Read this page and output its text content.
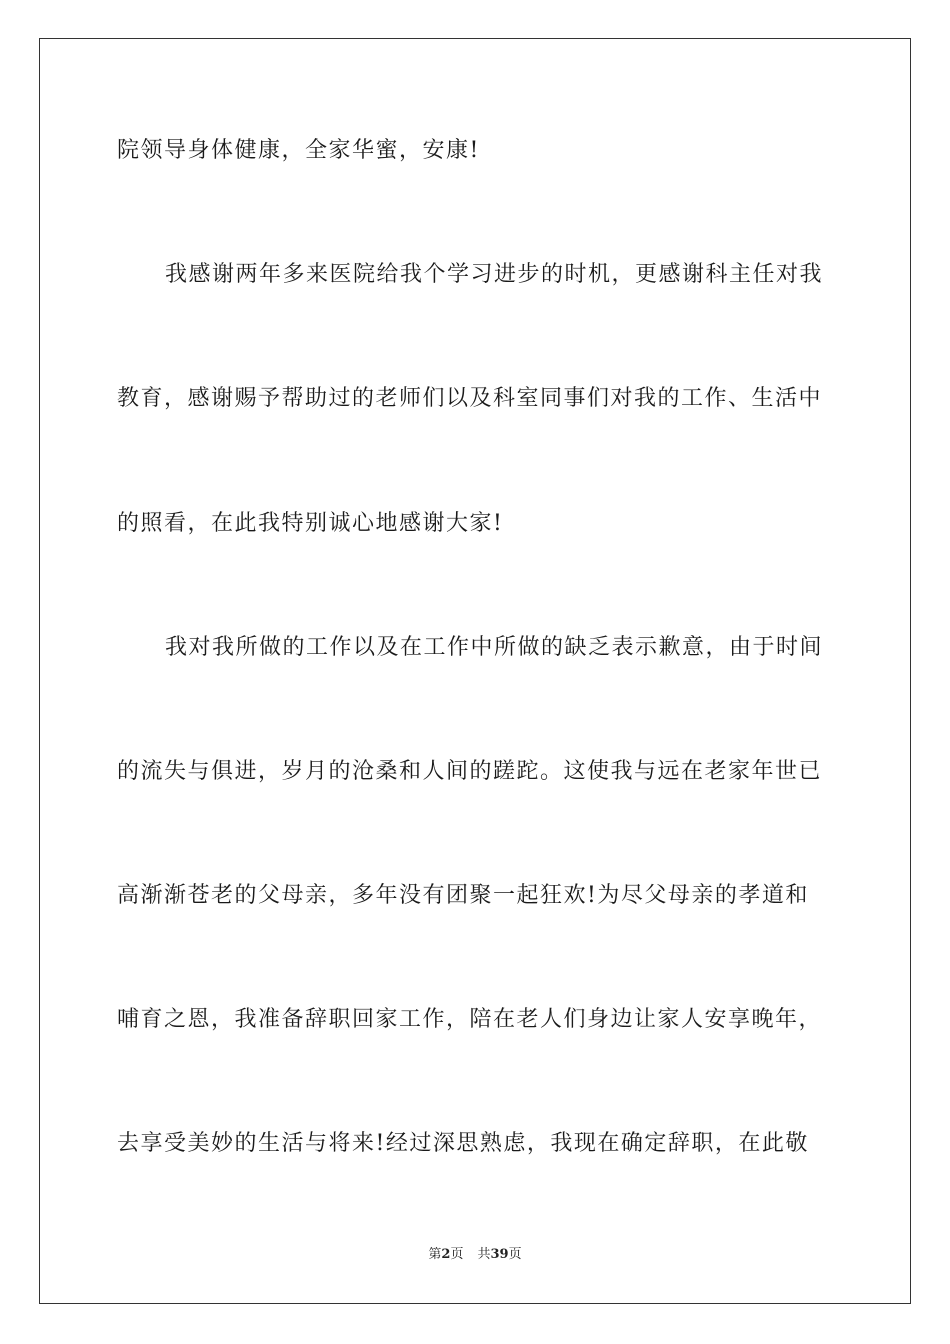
院领导身体健康，全家华蜜，安康!
我感谢两年多来医院给我个学习进步的时机，更感谢科主任对我
教育，感谢赐予帮助过的老师们以及科室同事们对我的工作、生活中
的照看，在此我特别诚心地感谢大家!
我对我所做的工作以及在工作中所做的缺乏表示歉意，由于时间
的流失与俱进，岁月的沧桑和人间的蹉跎。这使我与远在老家年世已
高渐渐苍老的父母亲，多年没有团聚一起狂欢!为尽父母亲的孝道和
哺育之恩，我准备辞职回家工作，陪在老人们身边让家人安享晚年，
去享受美妙的生活与将来!经过深思熟虑，我现在确定辞职，在此敬
第2页 共39页
